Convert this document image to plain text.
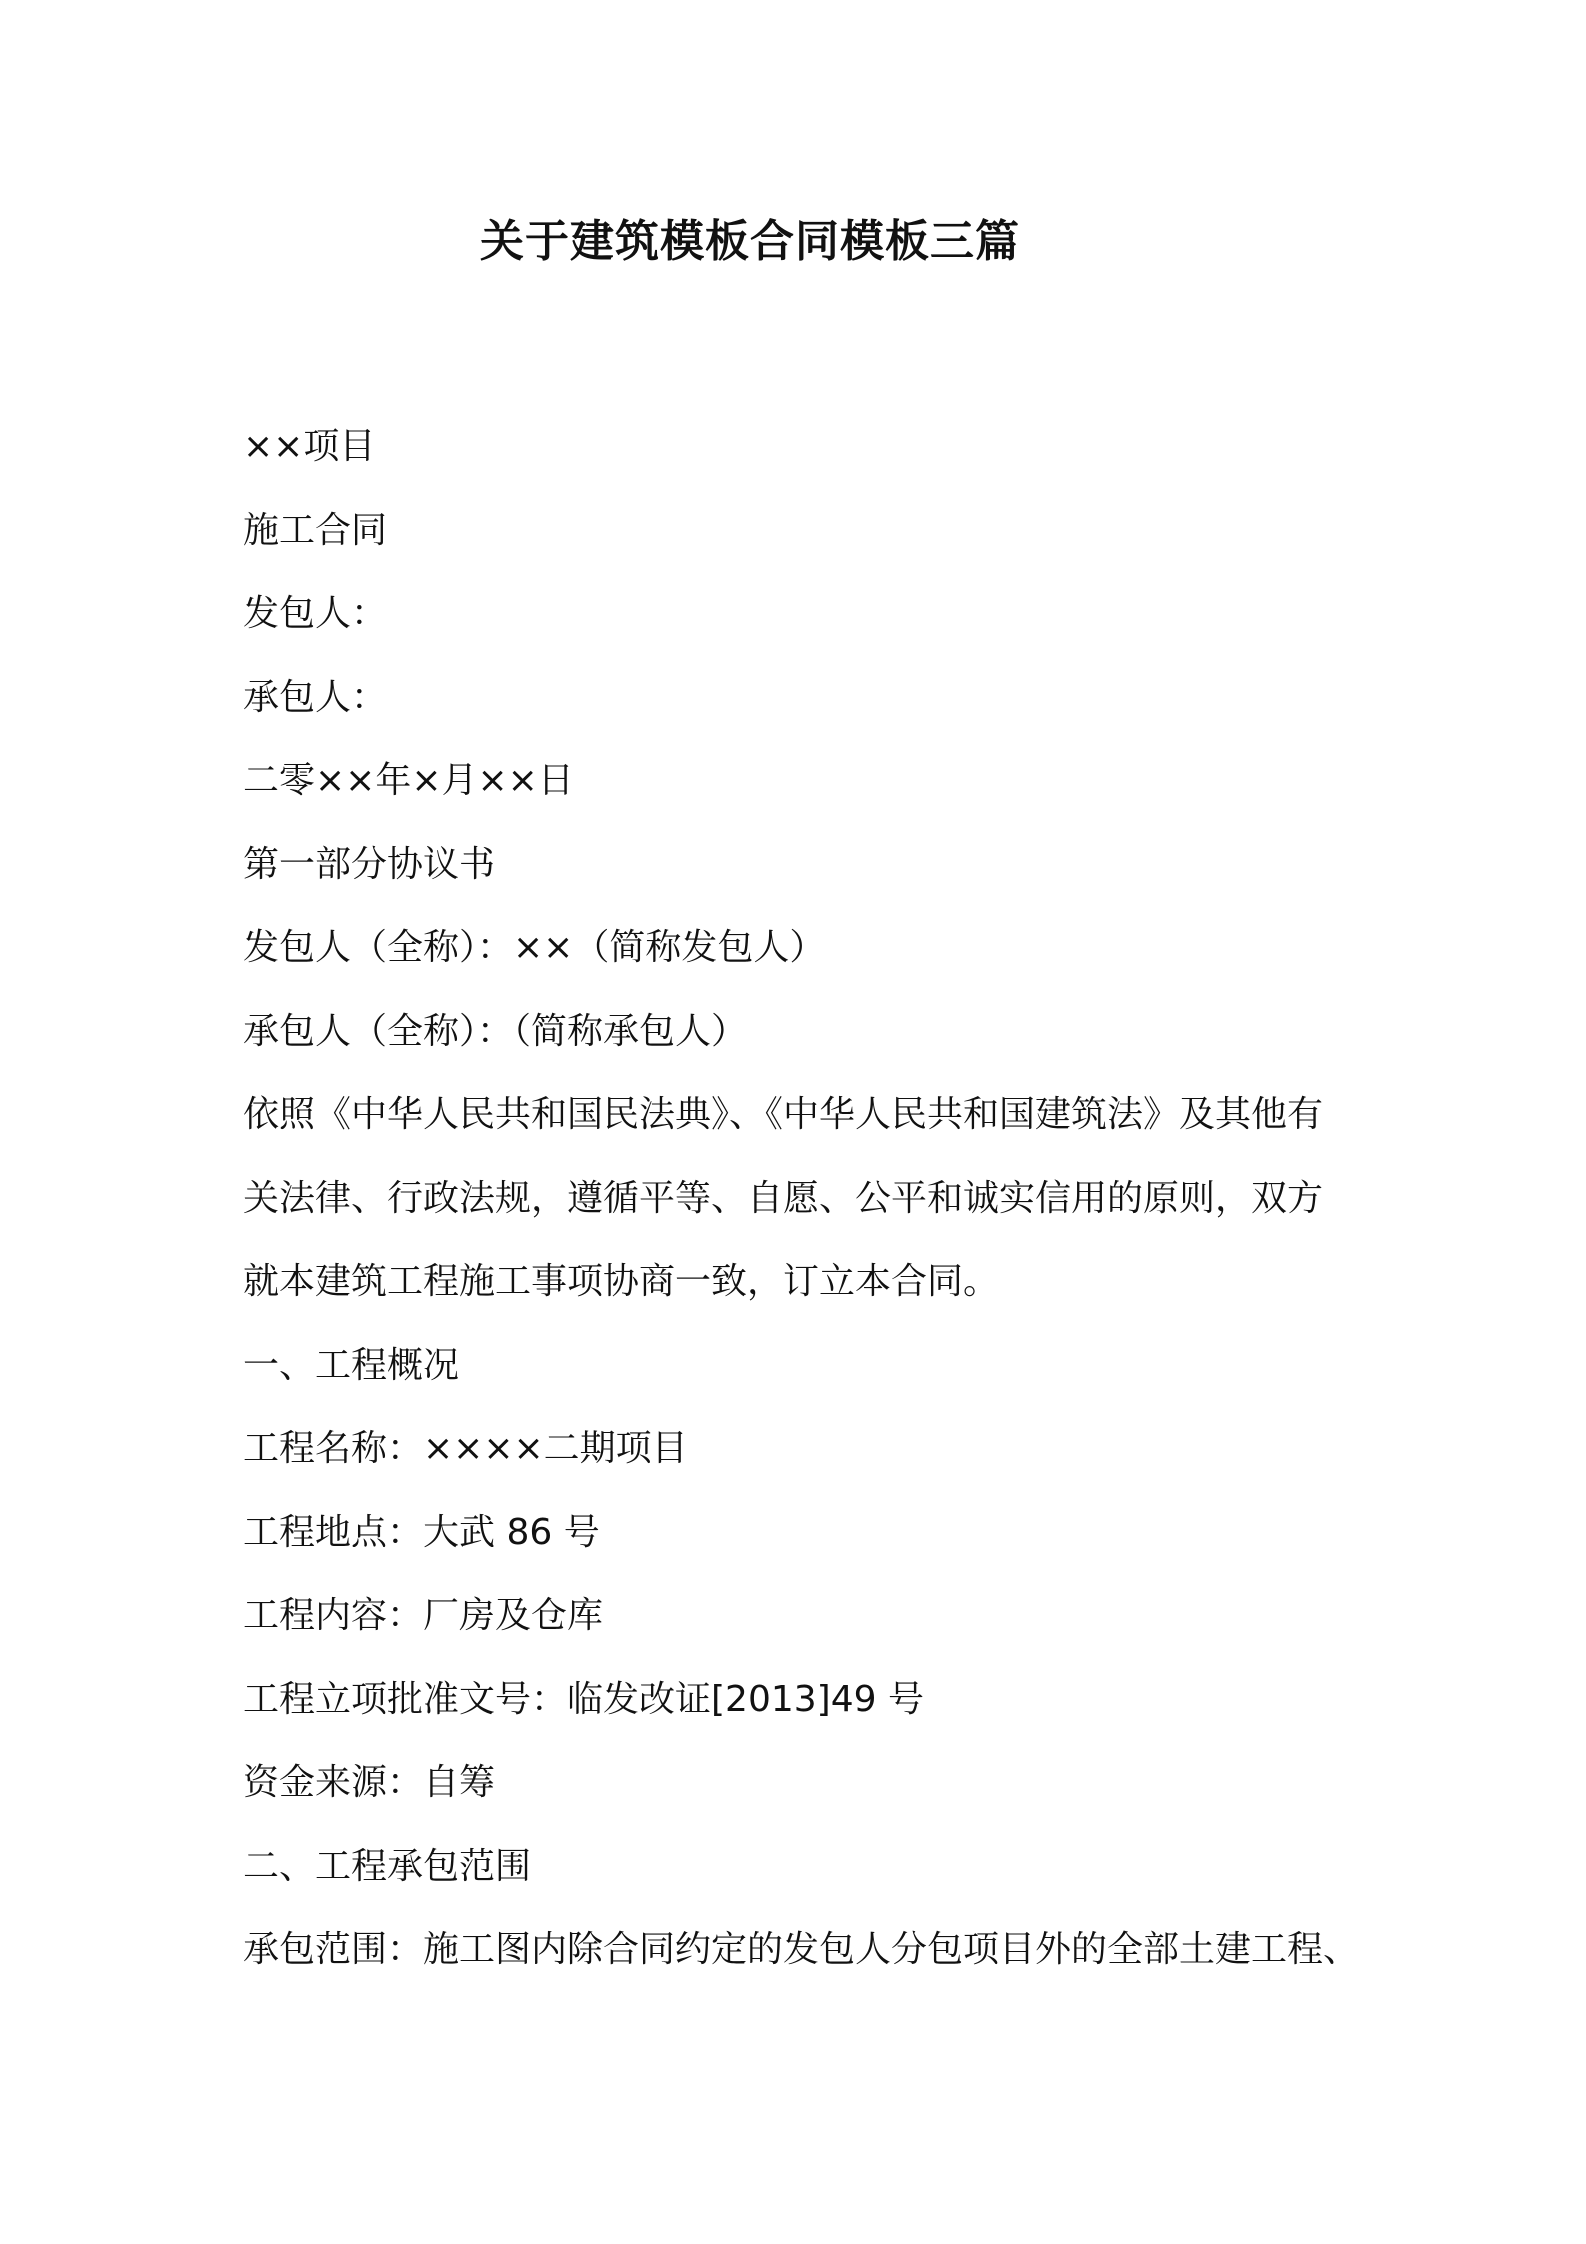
关于建筑模板合同模板三篇
××项目
施工合同
发包人：
承包人：
二零××年×月××日
第一部分协议书
发包人（全称）：××（简称发包人）
承包人（全称）：（简称承包人）
依照《中华人民共和国民法典》、《中华人民共和国建筑法》及其他有
关法律、行政法规，遵循平等、自愿、公平和诚实信用的原则，双方
就本建筑工程施工事项协商一致，订立本合同。
一、工程概况
工程名称：××××二期项目
工程地点：大武 86 号
工程内容：厂房及仓库
工程立项批准文号：临发改证[2013]49 号
资金来源：自筹
二、工程承包范围
承包范围：施工图内除合同约定的发包人分包项目外的全部土建工程、
